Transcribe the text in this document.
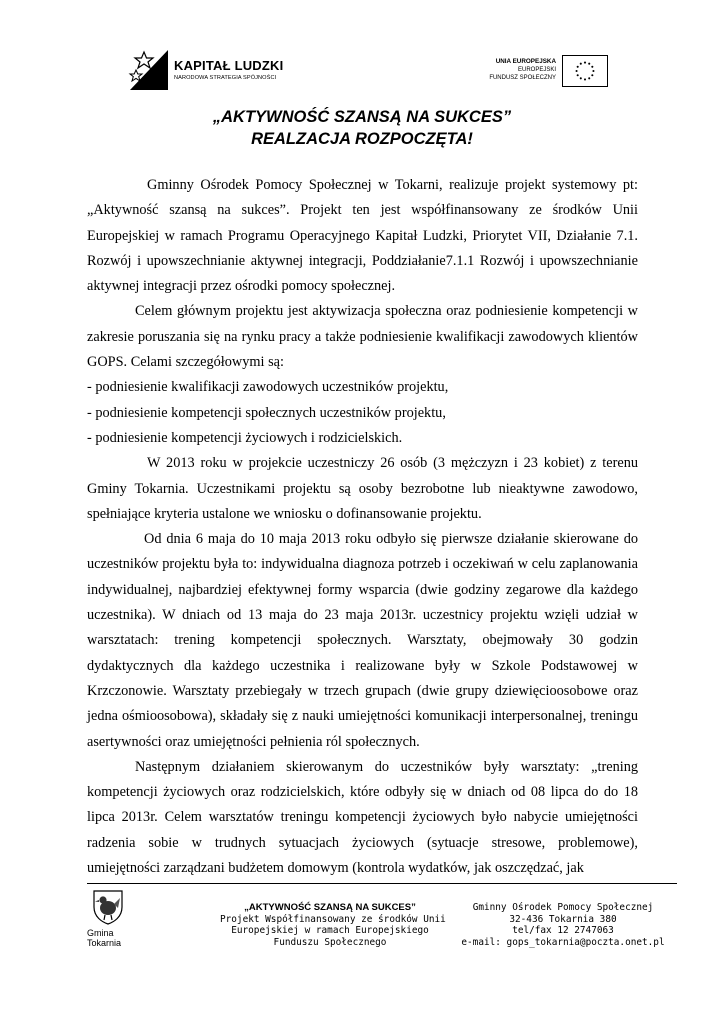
KAPITAŁ LUDZKI
NARODOWA STRATEGIA SPÓJNOŚCI
UNIA EUROPEJSKA
EUROPEJSKI
FUNDUSZ SPOŁECZNY
„AKTYWNOŚĆ SZANSĄ NA SUKCES”
REALZACJA ROZPOCZĘTA!

Gminny Ośrodek Pomocy Społecznej w Tokarni, realizuje projekt systemowy pt: „Aktywność szansą na sukces”. Projekt ten jest współfinansowany ze środków Unii Europejskiej w ramach Programu Operacyjnego Kapitał Ludzki, Priorytet VII, Działanie 7.1. Rozwój i upowszechnianie aktywnej integracji, Poddziałanie7.1.1 Rozwój i upowszechnianie aktywnej integracji przez ośrodki pomocy społecznej.

Celem głównym projektu jest aktywizacja społeczna oraz podniesienie kompetencji w zakresie poruszania się na rynku pracy a także podniesienie kwalifikacji zawodowych klientów GOPS. Celami szczegółowymi są:

- podniesienie kwalifikacji zawodowych uczestników projektu,

- podniesienie kompetencji społecznych uczestników projektu,

- podniesienie kompetencji życiowych i rodzicielskich.

W 2013 roku w projekcie uczestniczy 26 osób (3 mężczyzn i 23 kobiet) z terenu Gminy Tokarnia. Uczestnikami projektu są osoby bezrobotne lub nieaktywne zawodowo, spełniające kryteria ustalone we wniosku o dofinansowanie projektu.

Od dnia 6 maja do 10 maja 2013 roku odbyło się pierwsze działanie skierowane do uczestników projektu była to: indywidualna diagnoza potrzeb i oczekiwań w celu zaplanowania indywidualnej, najbardziej efektywnej formy wsparcia (dwie godziny zegarowe dla każdego uczestnika). W dniach od 13 maja do 23 maja 2013r. uczestnicy projektu wzięli udział w warsztatach: trening kompetencji społecznych. Warsztaty, obejmowały 30 godzin dydaktycznych dla każdego uczestnika i realizowane były w Szkole Podstawowej w Krzczonowie. Warsztaty przebiegały w trzech grupach (dwie grupy dziewięcioosobowe oraz jedna ośmioosobowa), składały się z nauki umiejętności komunikacji interpersonalnej, treningu asertywności oraz umiejętności pełnienia ról społecznych.

Następnym działaniem skierowanym do uczestników były warsztaty: „trening kompetencji życiowych oraz rodzicielskich, które odbyły się w dniach od 08 lipca do do 18 lipca 2013r. Celem warsztatów treningu kompetencji życiowych było nabycie umiejętności radzenia sobie w trudnych sytuacjach życiowych (sytuacje stresowe, problemowe), umiejętności zarządzani budżetem domowym (kontrola wydatków, jak oszczędzać, jak

Gmina
Tokarnia
„AKTYWNOŚĆ SZANSĄ NA SUKCES”
Projekt Współfinansowany ze środków Unii
Europejskiej w ramach Europejskiego
Funduszu Społecznego
Gminny Ośrodek Pomocy Społecznej
32-436 Tokarnia 380
tel/fax 12 2747063
e-mail: gops_tokarnia@poczta.onet.pl
